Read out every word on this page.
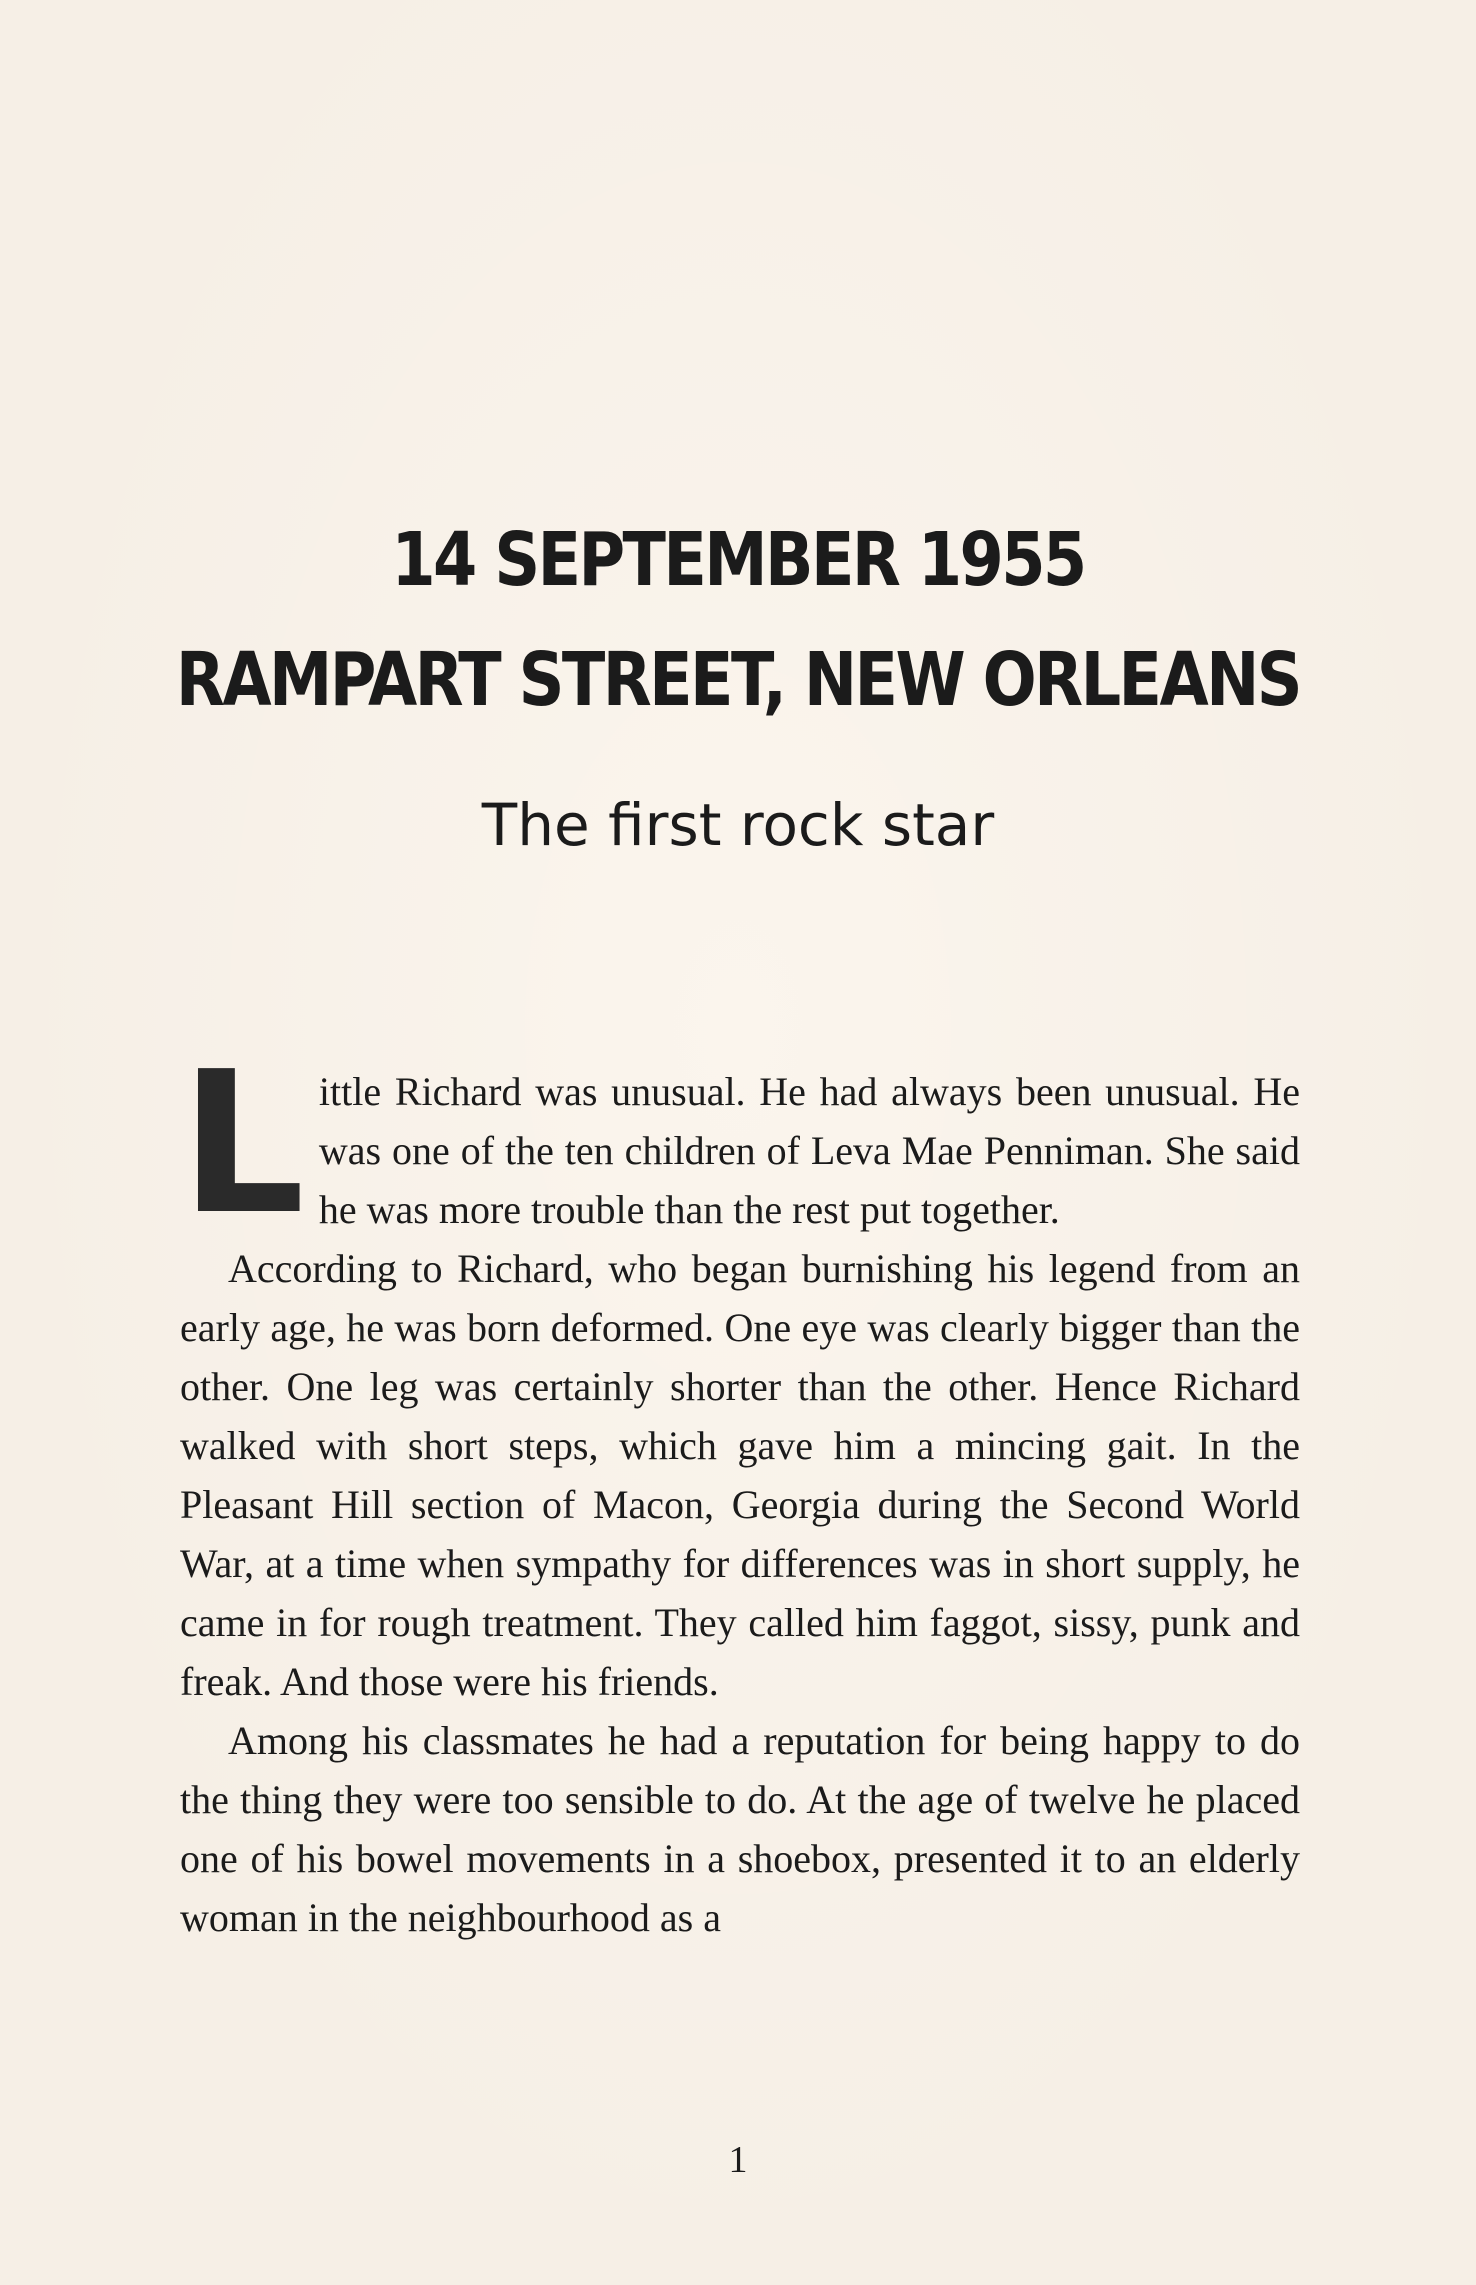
14 SEPTEMBER 1955
RAMPART STREET, NEW ORLEANS
The first rock star

Little Richard was unusual. He had always been unusual. He was one of the ten children of Leva Mae Penniman. She said he was more trouble than the rest put together.

According to Richard, who began burnishing his legend from an early age, he was born deformed. One eye was clearly bigger than the other. One leg was certainly shorter than the other. Hence Richard walked with short steps, which gave him a mincing gait. In the Pleasant Hill section of Macon, Georgia during the Second World War, at a time when sympathy for differences was in short supply, he came in for rough treatment. They called him faggot, sissy, punk and freak. And those were his friends.

Among his classmates he had a reputation for being happy to do the thing they were too sensible to do. At the age of twelve he placed one of his bowel movements in a shoebox, presented it to an elderly woman in the neighbourhood as a

1
